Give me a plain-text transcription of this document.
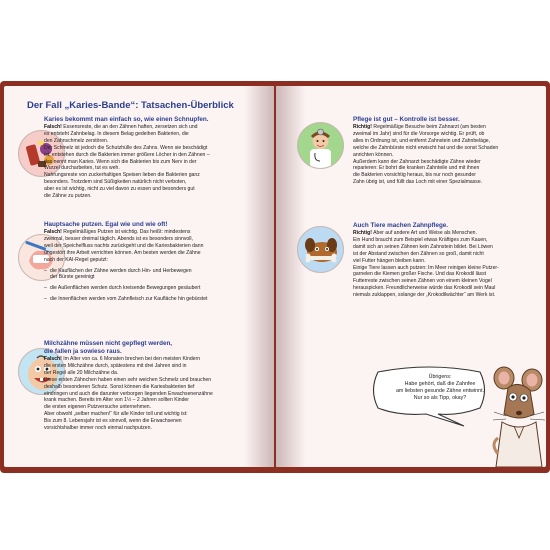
Der Fall „Karies-Bande“: Tatsachen-Überblick
Karies bekommt man einfach so, wie einen Schnupfen.

Falsch! Essensreste, die an den Zähnen haften, zersetzen sich und
es entsteht Zahnbelag. In diesem Belag gedeihen Bakterien, die
den Zahnschmelz zerstören.
Der Schmelz ist jedoch die Schutzhülle des Zahns. Wenn sie beschädigt
ist, entstehen durch die Bakterien immer größere Löcher in den Zähnen –
das nennt man Karies. Wenn sich die Bakterien bis zum Nerv in der
Wurzel durcharbeiten, tut es weh.
Nahrungsreste von zuckerhaltigen Speisen lieben die Bakterien ganz
besonders. Trotzdem sind Süßigkeiten natürlich nicht verboten,
aber es ist wichtig, nicht zu viel davon zu essen und besonders gut
die Zähne zu putzen.

Hauptsache putzen. Egal wie und wie oft!

Falsch! Regelmäßiges Putzen ist wichtig. Das heißt: mindestens
zweimal, besser dreimal täglich. Abends ist es besonders sinnvoll,
weil der Speichelfluss nachts zurückgeht und die Kariesbakterien dann
ungestört ihre Arbeit verrichten können. Am besten werden die Zähne
nach der KAI-Regel geputzt:

– die Kauflächen der Zähne werden durch Hin- und Herbewegen
der Bürste gereinigt
– die Außenflächen werden durch kreisende Bewegungen gesäubert
– die Innenflächen werden vom Zahnfleisch zur Kaufläche hin gebürstet
Milchzähne müssen nicht gepflegt werden,
die fallen ja sowieso raus.

Falsch! Im Alter von ca. 6 Monaten brechen bei den meisten Kindern
die ersten Milchzähne durch, spätestens mit drei Jahren sind in
der Regel alle 20 Milchzähne da.
Diese ersten Zähnchen haben einen sehr weichen Schmelz und brauchen
deshalb besonderen Schutz. Sonst können die Kariesbakterien tief
eindringen und auch die darunter verborgen liegenden Erwachsenenzähne
krank machen. Bereits im Alter von 1½ – 2 Jahren sollten Kinder
die ersten eigenen Putzversuche unternehmen.
Aber obwohl „selber machen!“ für alle Kinder toll und wichtig ist:
Bis zum 8. Lebensjahr ist es sinnvoll, wenn die Erwachsenen
vorsichtshalber immer noch einmal nachputzen.

Pflege ist gut – Kontrolle ist besser.

Richtig! Regelmäßige Besuche beim Zahnarzt (am besten
zweimal im Jahr) sind für die Vorsorge wichtig. Er prüft, ob
alles in Ordnung ist, und entfernt Zahnstein und Zahnbeläge,
welche die Zahnbürste nicht erwischt hat und die sonst Schaden
anrichten können.
Außerdem kann der Zahnarzt beschädigte Zähne wieder
reparieren: Er bohrt die kranken Zahnteile und mit ihnen
die Bakterien vorsichtig heraus, bis nur noch gesunder
Zahn übrig ist, und füllt das Loch mit einer Spezialmasse.

Auch Tiere machen Zahnpflege.

Richtig! Aber auf andere Art und Weise als Menschen.
Ein Hund braucht zum Beispiel etwas Kräftiges zum Kauen,
damit sich an seinen Zähnen kein Zahnstein bildet. Bei Löwen
ist der Abstand zwischen den Zähnen so groß, damit nicht
viel Futter hängen bleiben kann.
Einige Tiere lassen auch putzen: Im Meer reinigen kleine Putzer-
garnelen die Kiemen großer Fische. Und das Krokodil lässt
Futterreste zwischen seinen Zähnen von einem kleinen Vogel
herauspicken. Freundlicherweise würde das Krokodil sein Maul
niemals zuklappen, solange der „Krokodilwächter“ am Werk ist.

Übrigens:
Habe gehört, daß die Zahnfee
am liebsten gesunde Zähne entwinnt.
Nur so als Tipp, okay?
